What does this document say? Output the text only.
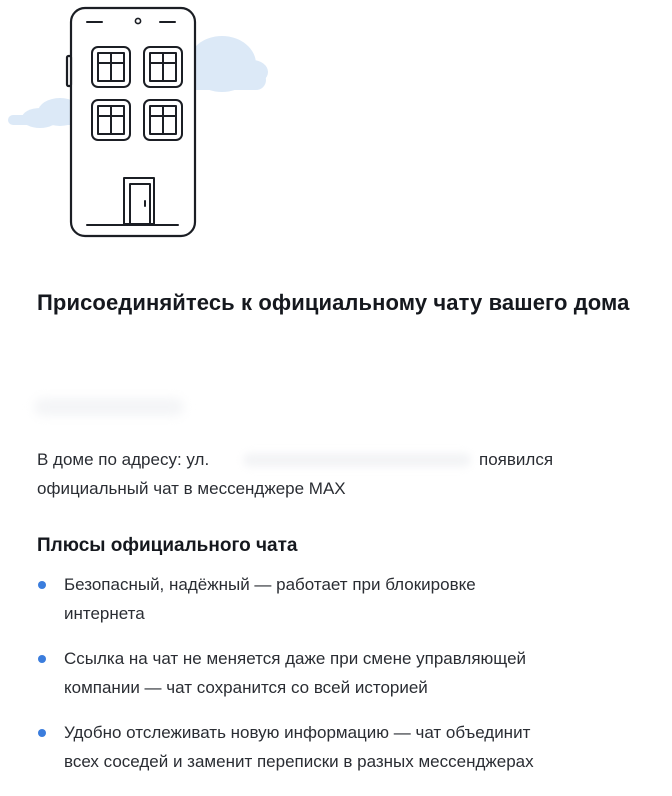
Присоединяйтесь к официальному чату вашего дома
В доме по адресу: ул.	появился
официальный чат в мессенджере MAX
Плюсы официального чата
Безопасный, надёжный — работает при блокировке
интернета
Ссылка на чат не меняется даже при смене управляющей
компании — чат сохранится со всей историей
Удобно отслеживать новую информацию — чат объединит
всех соседей и заменит переписки в разных мессенджерах
